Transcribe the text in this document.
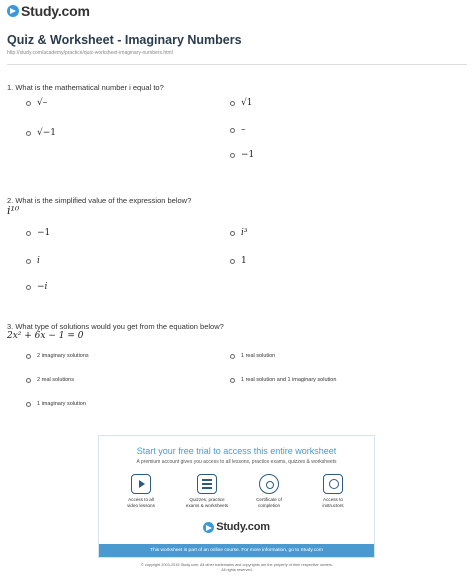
Study.com
Quiz & Worksheet - Imaginary Numbers
http://study.com/academy/practice/quiz-worksheet-imaginary-numbers.html
1. What is the mathematical number i equal to?
√–	√1
√−1	–
−1
2. What is the simplified value of the expression below?
i¹⁰
−1	i³
i	1
−i
3. What type of solutions would you get from the equation below?
2x² + 6x − 1 = 0
2 imaginary solutions	1 real solution
2 real solutions	1 real solution and 1 imaginary solution
1 imaginary solution
Start your free trial to access this entire worksheet
A premium account gives you access to all lessons, practice exams, quizzes & worksheets
Access to all
video lessons
Quizzes, practice
exams & worksheets
Certificate of
completion
Access to
instructors
Study.com
This worksheet is part of an online course. For more information, go to Study.com
© copyright 2003-2015 Study.com. All other trademarks and copyrights are the property of their respective owners.
All rights reserved.
